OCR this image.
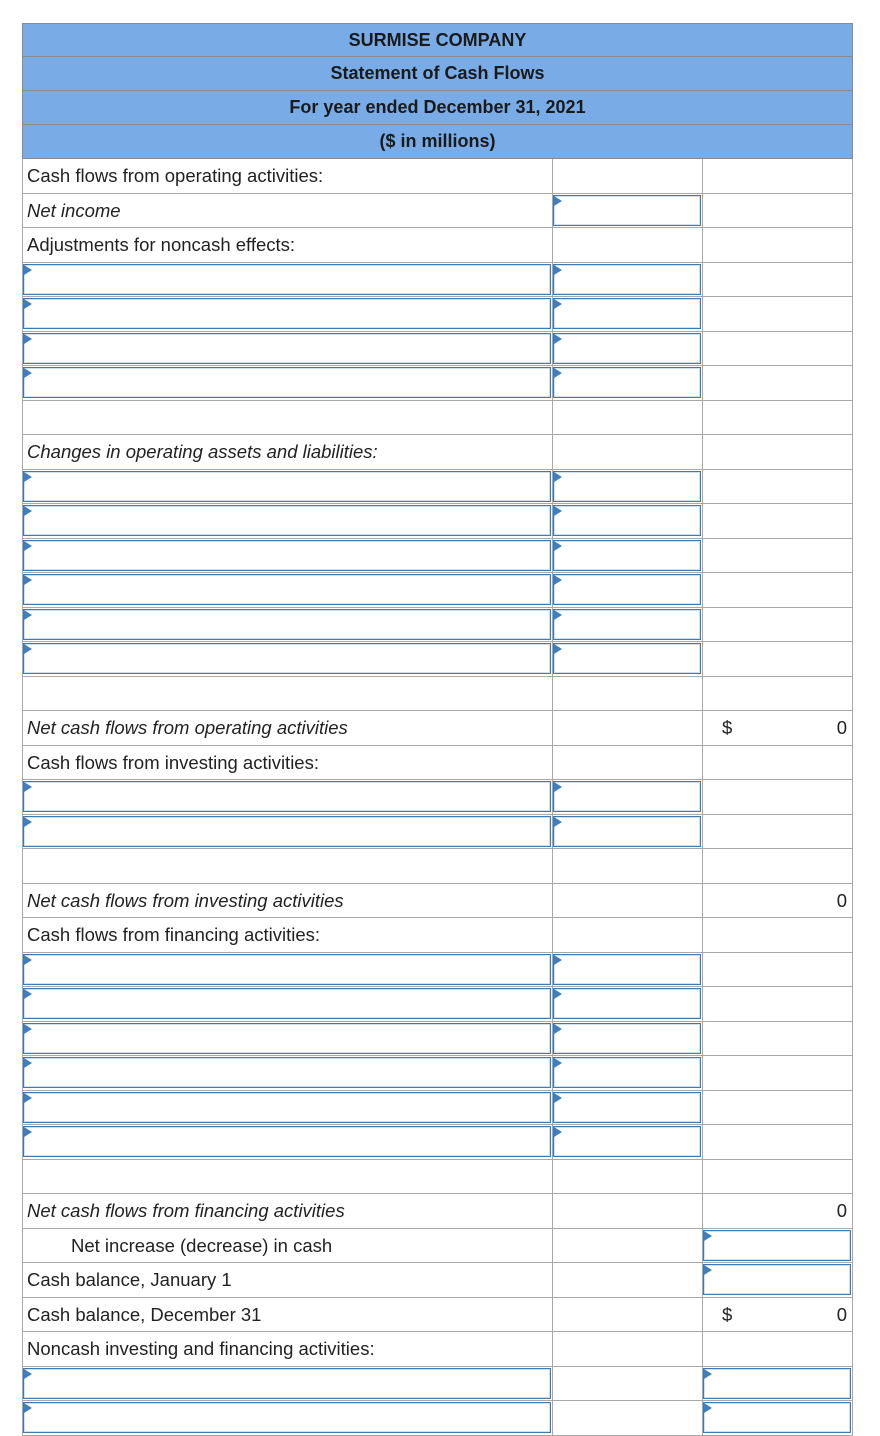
SURMISE COMPANY
Statement of Cash Flows
For year ended December 31, 2021
($ in millions)
Cash flows from operating activities:
Net income
Adjustments for noncash effects:
Changes in operating assets and liabilities:
Net cash flows from operating activities	$	0
Cash flows from investing activities:
Net cash flows from investing activities	0
Cash flows from financing activities:
Net cash flows from financing activities	0
Net increase (decrease) in cash
Cash balance, January 1
Cash balance, December 31	$	0
Noncash investing and financing activities:
